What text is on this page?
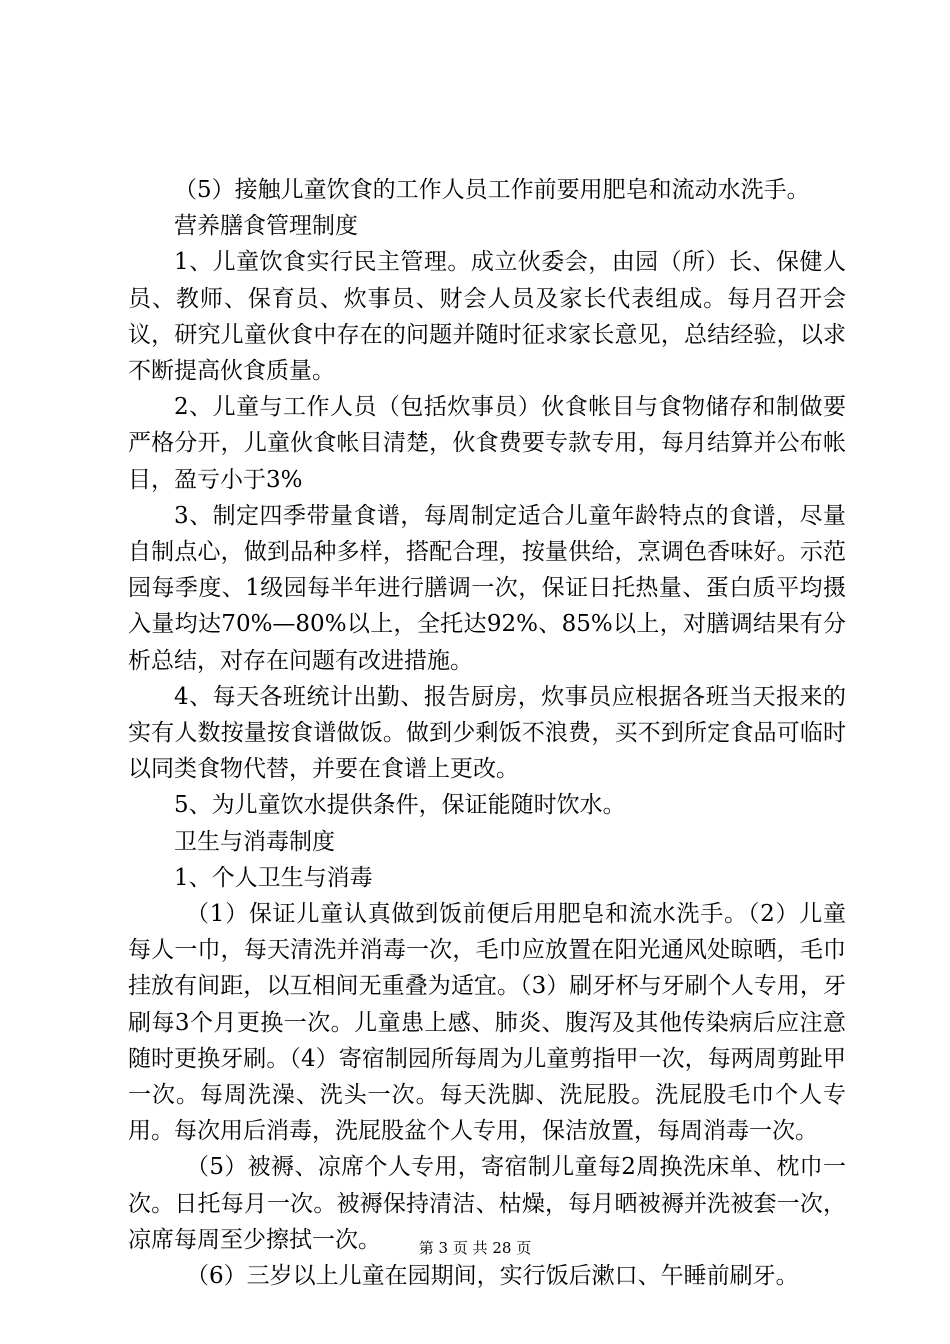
（5）接触儿童饮食的工作人员工作前要用肥皂和流动水洗手。

营养膳食管理制度

1、儿童饮食实行民主管理。成立伙委会，由园（所）长、保健人员、教师、保育员、炊事员、财会人员及家长代表组成。每月召开会议，研究儿童伙食中存在的问题并随时征求家长意见，总结经验，以求不断提高伙食质量。

2、儿童与工作人员（包括炊事员）伙食帐目与食物储存和制做要严格分开，儿童伙食帐目清楚，伙食费要专款专用，每月结算并公布帐目，盈亏小于3%

3、制定四季带量食谱，每周制定适合儿童年龄特点的食谱，尽量自制点心，做到品种多样，搭配合理，按量供给，烹调色香味好。示范园每季度、1级园每半年进行膳调一次，保证日托热量、蛋白质平均摄入量均达70%—80%以上，全托达92%、85%以上，对膳调结果有分析总结，对存在问题有改进措施。

4、每天各班统计出勤、报告厨房，炊事员应根据各班当天报来的实有人数按量按食谱做饭。做到少剩饭不浪费，买不到所定食品可临时以同类食物代替，并要在食谱上更改。

5、为儿童饮水提供条件，保证能随时饮水。

卫生与消毒制度

1、个人卫生与消毒

（1）保证儿童认真做到饭前便后用肥皂和流水洗手。（2）儿童每人一巾，每天清洗并消毒一次，毛巾应放置在阳光通风处晾晒，毛巾挂放有间距，以互相间无重叠为适宜。（3）刷牙杯与牙刷个人专用，牙刷每3个月更换一次。儿童患上感、肺炎、腹泻及其他传染病后应注意随时更换牙刷。（4）寄宿制园所每周为儿童剪指甲一次，每两周剪趾甲一次。每周洗澡、洗头一次。每天洗脚、洗屁股。洗屁股毛巾个人专用。每次用后消毒，洗屁股盆个人专用，保洁放置，每周消毒一次。

（5）被褥、凉席个人专用，寄宿制儿童每2周换洗床单、枕巾一次。日托每月一次。被褥保持清洁、枯燥，每月晒被褥并洗被套一次，凉席每周至少擦拭一次。

（6）三岁以上儿童在园期间，实行饭后漱口、午睡前刷牙。

第 3 页 共 28 页
